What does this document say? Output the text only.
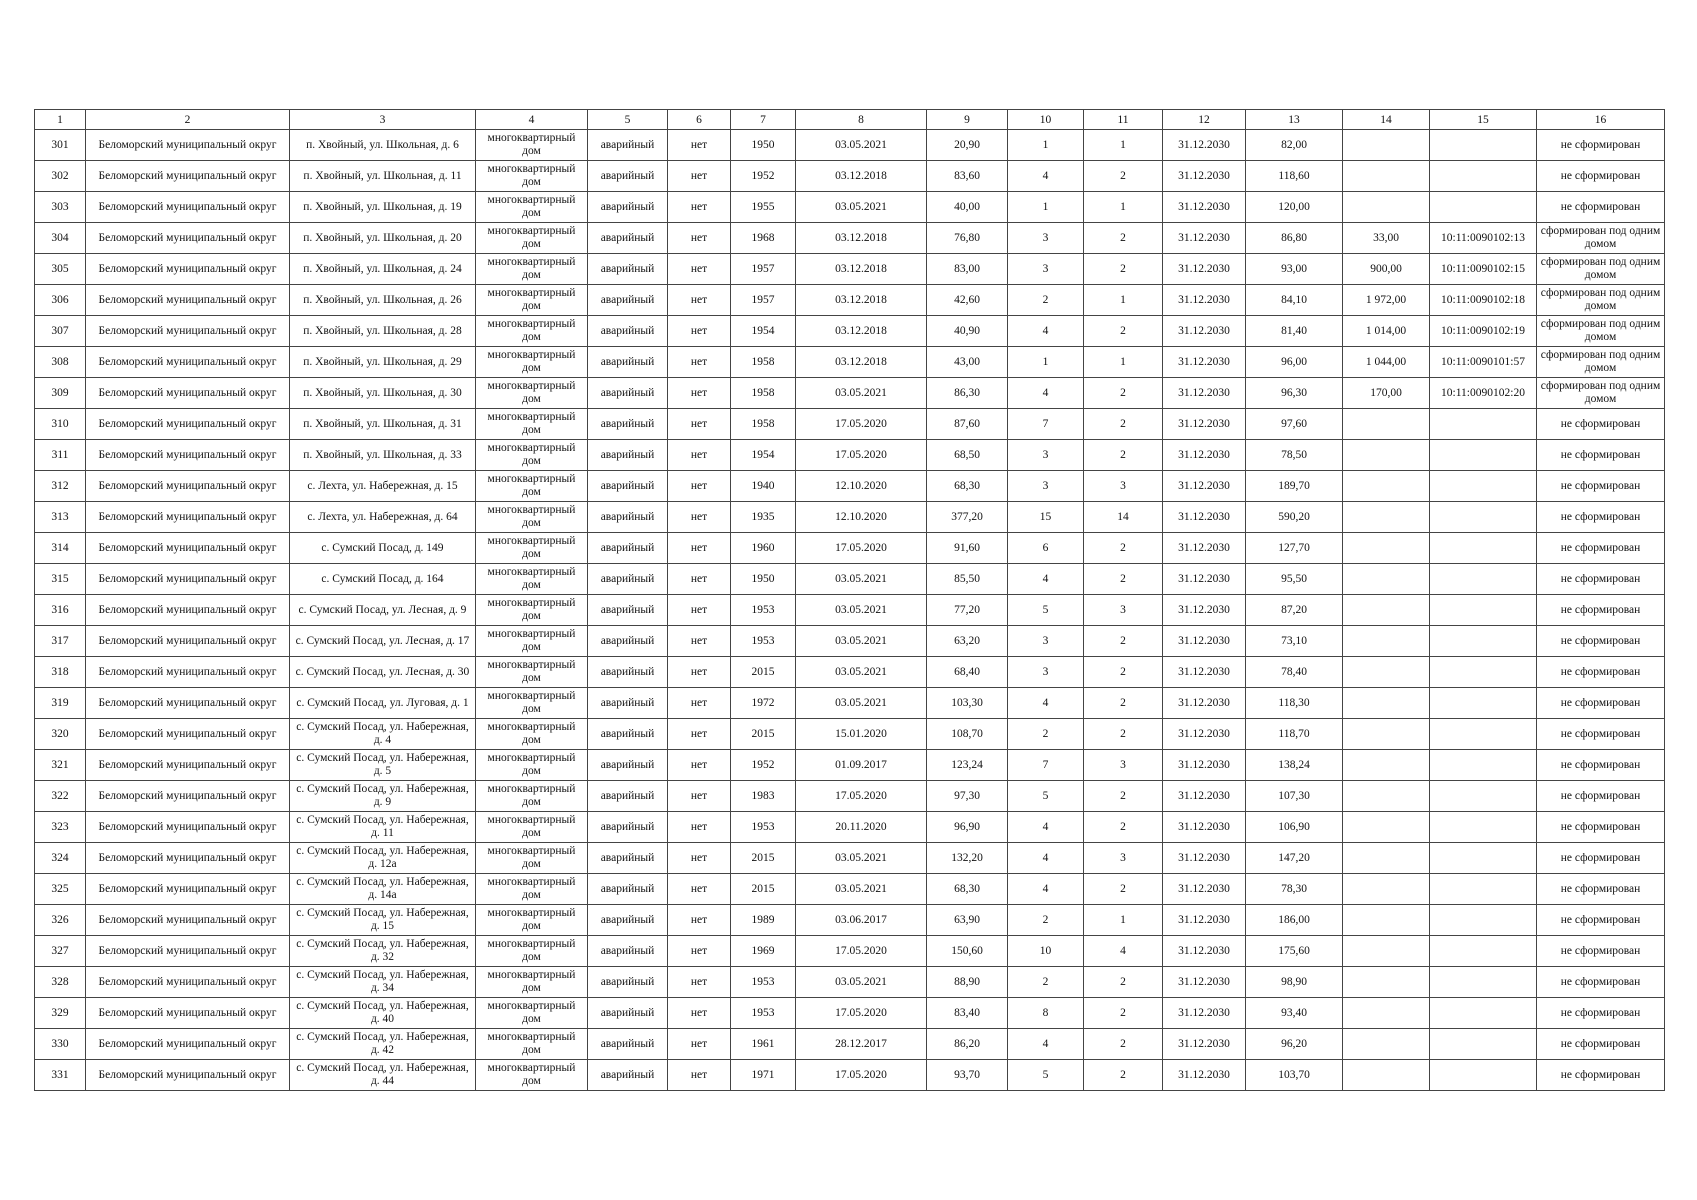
1	2	3	4	5	6	7	8	9	10	11	12	13	14	15	16
301	Беломорский муниципальный округ	п. Хвойный, ул. Школьная, д. 6	многоквартирный дом	аварийный	нет	1950	03.05.2021	20,90	1	1	31.12.2030	82,00			не сформирован
302	Беломорский муниципальный округ	п. Хвойный, ул. Школьная, д. 11	многоквартирный дом	аварийный	нет	1952	03.12.2018	83,60	4	2	31.12.2030	118,60			не сформирован
303	Беломорский муниципальный округ	п. Хвойный, ул. Школьная, д. 19	многоквартирный дом	аварийный	нет	1955	03.05.2021	40,00	1	1	31.12.2030	120,00			не сформирован
304	Беломорский муниципальный округ	п. Хвойный, ул. Школьная, д. 20	многоквартирный дом	аварийный	нет	1968	03.12.2018	76,80	3	2	31.12.2030	86,80	33,00	10:11:0090102:13	сформирован под одним домом
305	Беломорский муниципальный округ	п. Хвойный, ул. Школьная, д. 24	многоквартирный дом	аварийный	нет	1957	03.12.2018	83,00	3	2	31.12.2030	93,00	900,00	10:11:0090102:15	сформирован под одним домом
306	Беломорский муниципальный округ	п. Хвойный, ул. Школьная, д. 26	многоквартирный дом	аварийный	нет	1957	03.12.2018	42,60	2	1	31.12.2030	84,10	1 972,00	10:11:0090102:18	сформирован под одним домом
307	Беломорский муниципальный округ	п. Хвойный, ул. Школьная, д. 28	многоквартирный дом	аварийный	нет	1954	03.12.2018	40,90	4	2	31.12.2030	81,40	1 014,00	10:11:0090102:19	сформирован под одним домом
308	Беломорский муниципальный округ	п. Хвойный, ул. Школьная, д. 29	многоквартирный дом	аварийный	нет	1958	03.12.2018	43,00	1	1	31.12.2030	96,00	1 044,00	10:11:0090101:57	сформирован под одним домом
309	Беломорский муниципальный округ	п. Хвойный, ул. Школьная, д. 30	многоквартирный дом	аварийный	нет	1958	03.05.2021	86,30	4	2	31.12.2030	96,30	170,00	10:11:0090102:20	сформирован под одним домом
310	Беломорский муниципальный округ	п. Хвойный, ул. Школьная, д. 31	многоквартирный дом	аварийный	нет	1958	17.05.2020	87,60	7	2	31.12.2030	97,60			не сформирован
311	Беломорский муниципальный округ	п. Хвойный, ул. Школьная, д. 33	многоквартирный дом	аварийный	нет	1954	17.05.2020	68,50	3	2	31.12.2030	78,50			не сформирован
312	Беломорский муниципальный округ	с. Лехта, ул. Набережная, д. 15	многоквартирный дом	аварийный	нет	1940	12.10.2020	68,30	3	3	31.12.2030	189,70			не сформирован
313	Беломорский муниципальный округ	с. Лехта, ул. Набережная, д. 64	многоквартирный дом	аварийный	нет	1935	12.10.2020	377,20	15	14	31.12.2030	590,20			не сформирован
314	Беломорский муниципальный округ	с. Сумский Посад, д. 149	многоквартирный дом	аварийный	нет	1960	17.05.2020	91,60	6	2	31.12.2030	127,70			не сформирован
315	Беломорский муниципальный округ	с. Сумский Посад, д. 164	многоквартирный дом	аварийный	нет	1950	03.05.2021	85,50	4	2	31.12.2030	95,50			не сформирован
316	Беломорский муниципальный округ	с. Сумский Посад, ул. Лесная, д. 9	многоквартирный дом	аварийный	нет	1953	03.05.2021	77,20	5	3	31.12.2030	87,20			не сформирован
317	Беломорский муниципальный округ	с. Сумский Посад, ул. Лесная, д. 17	многоквартирный дом	аварийный	нет	1953	03.05.2021	63,20	3	2	31.12.2030	73,10			не сформирован
318	Беломорский муниципальный округ	с. Сумский Посад, ул. Лесная, д. 30	многоквартирный дом	аварийный	нет	2015	03.05.2021	68,40	3	2	31.12.2030	78,40			не сформирован
319	Беломорский муниципальный округ	с. Сумский Посад, ул. Луговая, д. 1	многоквартирный дом	аварийный	нет	1972	03.05.2021	103,30	4	2	31.12.2030	118,30			не сформирован
320	Беломорский муниципальный округ	с. Сумский Посад, ул. Набережная, д. 4	многоквартирный дом	аварийный	нет	2015	15.01.2020	108,70	2	2	31.12.2030	118,70			не сформирован
321	Беломорский муниципальный округ	с. Сумский Посад, ул. Набережная, д. 5	многоквартирный дом	аварийный	нет	1952	01.09.2017	123,24	7	3	31.12.2030	138,24			не сформирован
322	Беломорский муниципальный округ	с. Сумский Посад, ул. Набережная, д. 9	многоквартирный дом	аварийный	нет	1983	17.05.2020	97,30	5	2	31.12.2030	107,30			не сформирован
323	Беломорский муниципальный округ	с. Сумский Посад, ул. Набережная, д. 11	многоквартирный дом	аварийный	нет	1953	20.11.2020	96,90	4	2	31.12.2030	106,90			не сформирован
324	Беломорский муниципальный округ	с. Сумский Посад, ул. Набережная, д. 12а	многоквартирный дом	аварийный	нет	2015	03.05.2021	132,20	4	3	31.12.2030	147,20			не сформирован
325	Беломорский муниципальный округ	с. Сумский Посад, ул. Набережная, д. 14а	многоквартирный дом	аварийный	нет	2015	03.05.2021	68,30	4	2	31.12.2030	78,30			не сформирован
326	Беломорский муниципальный округ	с. Сумский Посад, ул. Набережная, д. 15	многоквартирный дом	аварийный	нет	1989	03.06.2017	63,90	2	1	31.12.2030	186,00			не сформирован
327	Беломорский муниципальный округ	с. Сумский Посад, ул. Набережная, д. 32	многоквартирный дом	аварийный	нет	1969	17.05.2020	150,60	10	4	31.12.2030	175,60			не сформирован
328	Беломорский муниципальный округ	с. Сумский Посад, ул. Набережная, д. 34	многоквартирный дом	аварийный	нет	1953	03.05.2021	88,90	2	2	31.12.2030	98,90			не сформирован
329	Беломорский муниципальный округ	с. Сумский Посад, ул. Набережная, д. 40	многоквартирный дом	аварийный	нет	1953	17.05.2020	83,40	8	2	31.12.2030	93,40			не сформирован
330	Беломорский муниципальный округ	с. Сумский Посад, ул. Набережная, д. 42	многоквартирный дом	аварийный	нет	1961	28.12.2017	86,20	4	2	31.12.2030	96,20			не сформирован
331	Беломорский муниципальный округ	с. Сумский Посад, ул. Набережная, д. 44	многоквартирный дом	аварийный	нет	1971	17.05.2020	93,70	5	2	31.12.2030	103,70			не сформирован
